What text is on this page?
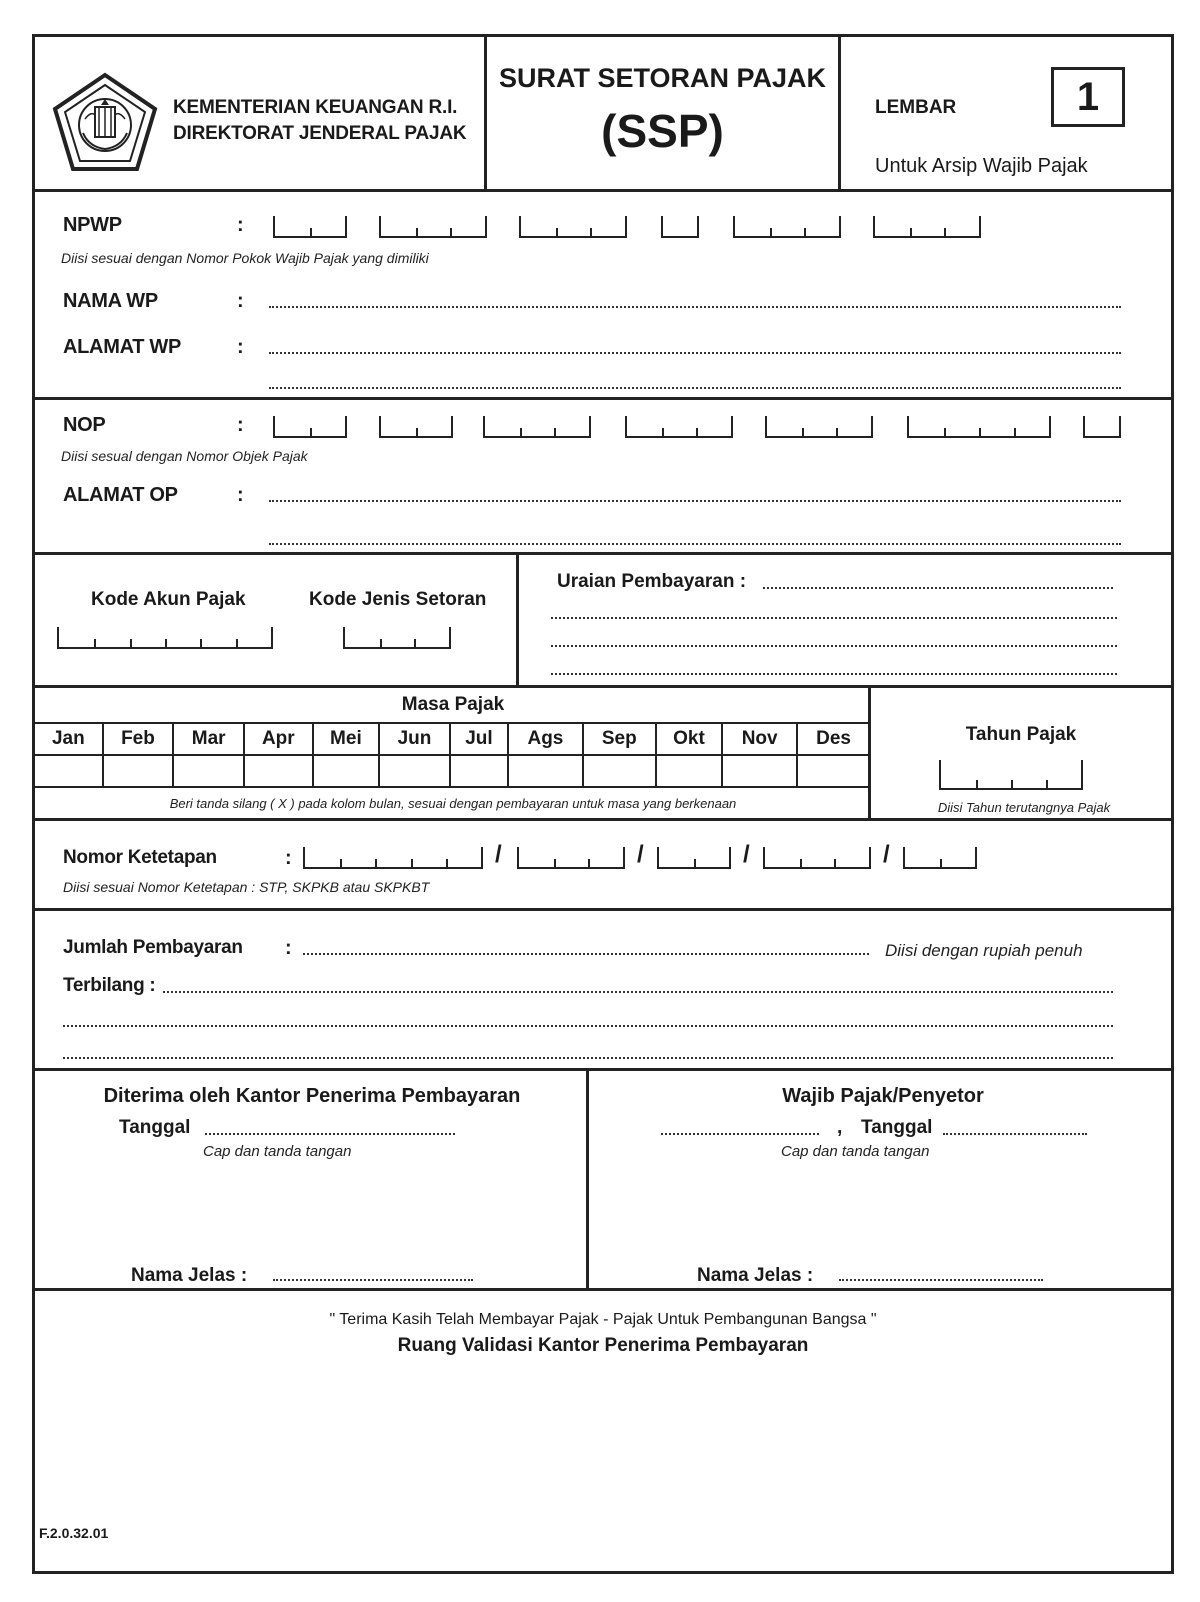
KEMENTERIAN KEUANGAN R.I.
DIREKTORAT JENDERAL PAJAK
SURAT SETORAN PAJAK
(SSP)	LEMBAR	1
Untuk Arsip Wajib Pajak
NPWP	:
Diisi sesuai dengan Nomor Pokok Wajib Pajak yang dimiliki
NAMA WP	:
ALAMAT WP	:
NOP	:
Diisi sesual dengan Nomor Objek Pajak
ALAMAT OP	:
Kode Akun Pajak	Kode Jenis Setoran
Uraian Pembayaran :
Masa Pajak
Jan	Feb	Mar	Apr	Mei	Jun	Jul	Ags	Sep	Okt	Nov	Des

Beri tanda silang ( X ) pada kolom bulan, sesuai dengan pembayaran untuk masa yang berkenaan
Tahun Pajak
Diisi Tahun terutangnya Pajak
Nomor Ketetapan	:	/	/	/	/
Diisi sesuai Nomor Ketetapan : STP, SKPKB atau SKPKBT
Jumlah Pembayaran :	Diisi dengan rupiah penuh
Terbilang :
Diterima oleh Kantor Penerima Pembayaran
Tanggal
Cap dan tanda tangan
Nama Jelas :
Wajib Pajak/Penyetor
, Tanggal
Cap dan tanda tangan
Nama Jelas :
" Terima Kasih Telah Membayar Pajak - Pajak Untuk Pembangunan Bangsa "
Ruang Validasi Kantor Penerima Pembayaran
F.2.0.32.01
